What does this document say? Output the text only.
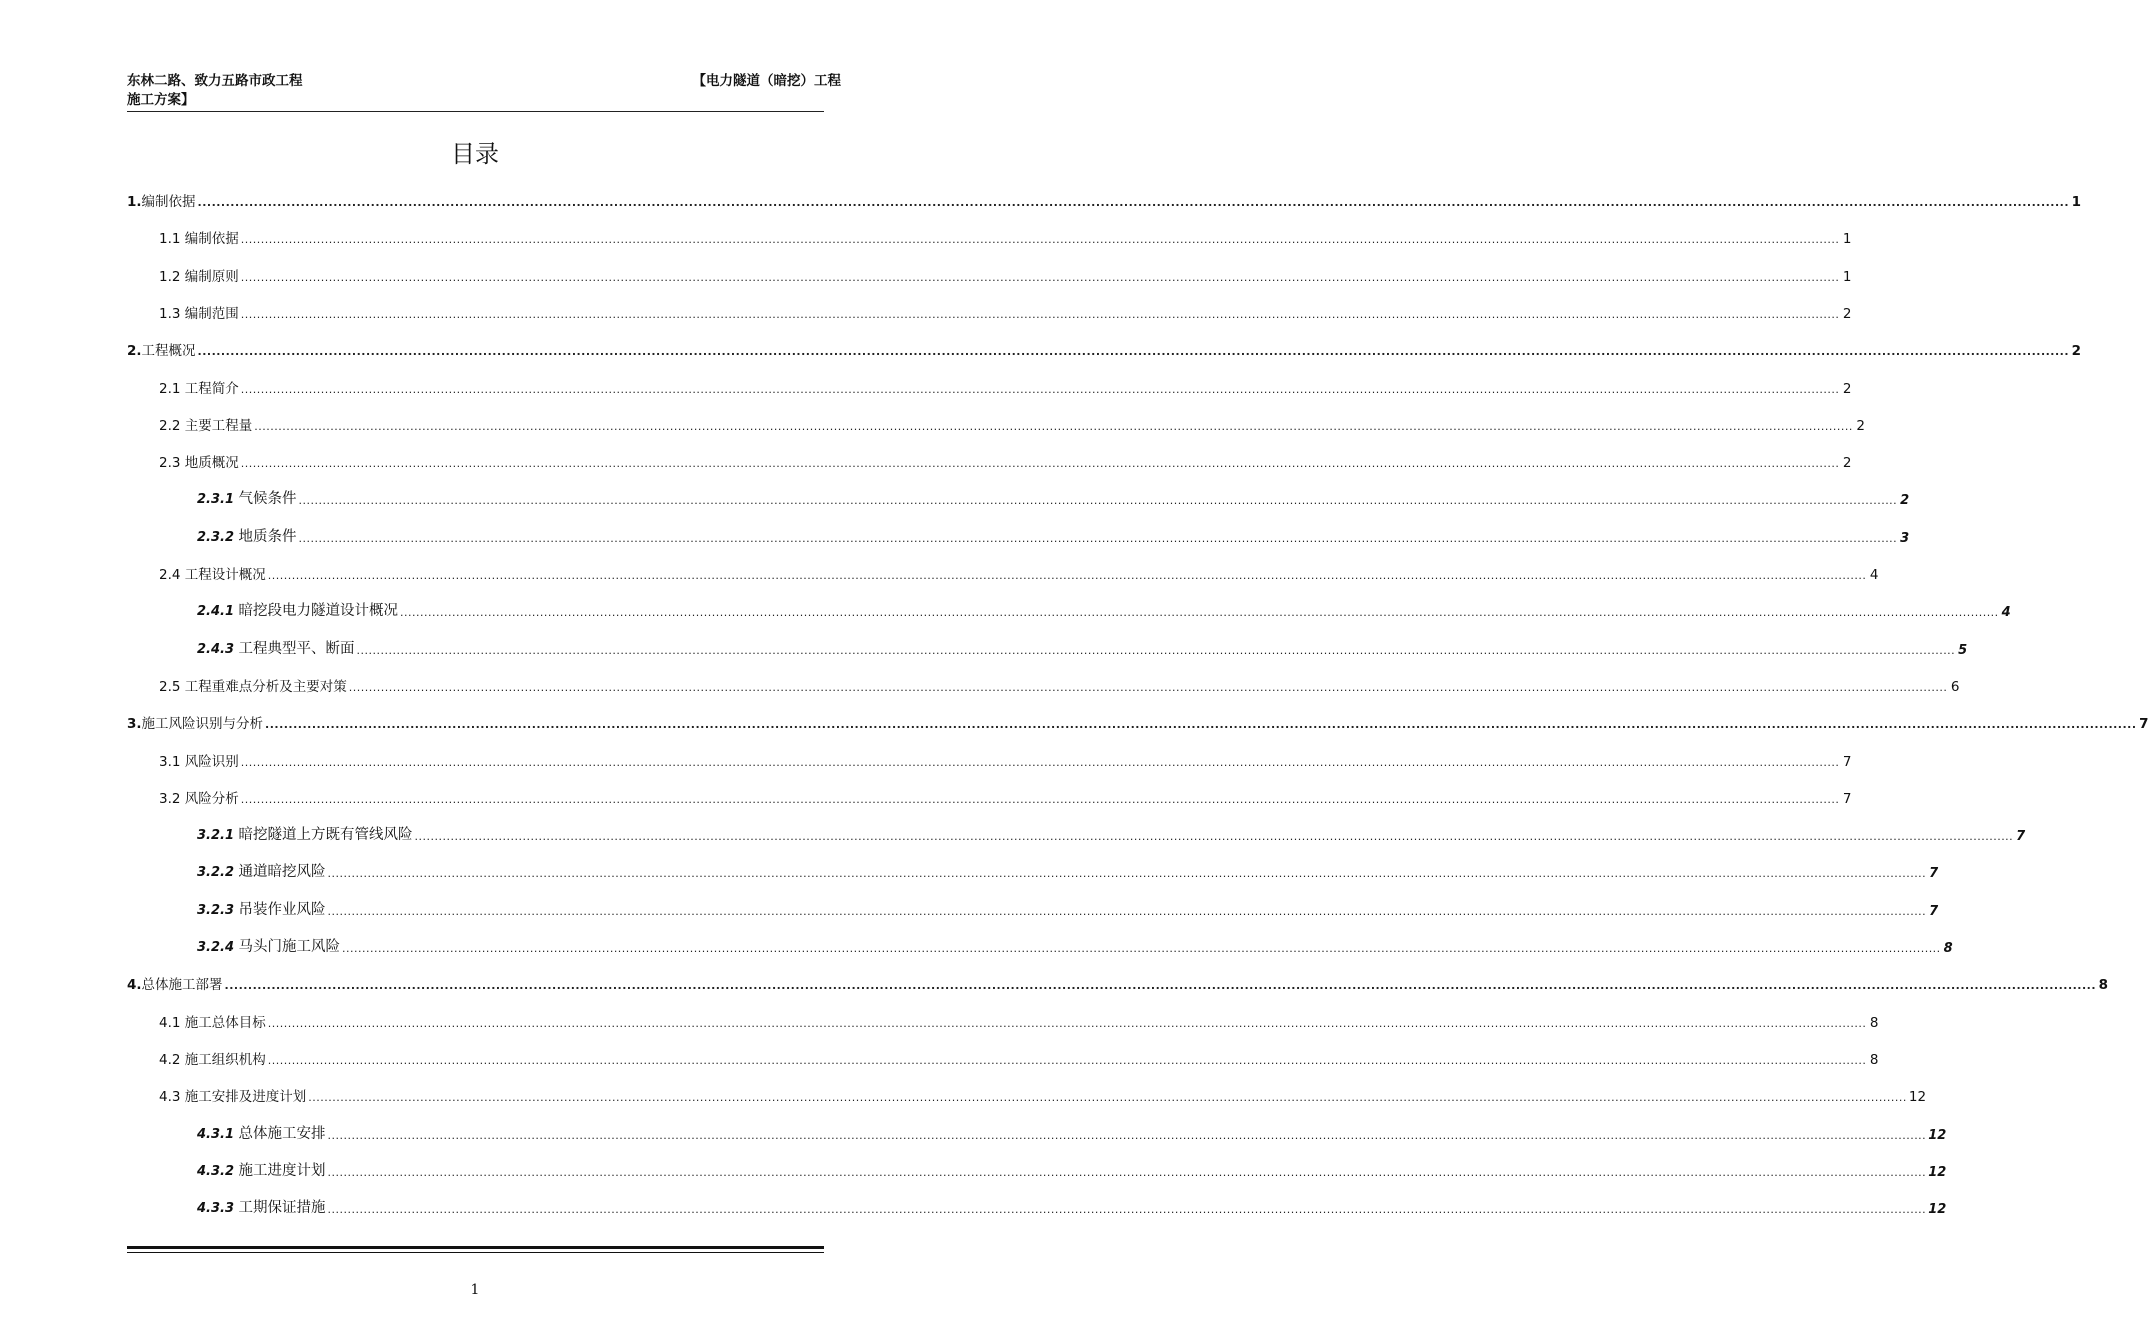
东林二路、致力五路市政工程
施工方案】
【电力隧道（暗挖）工程
目录
1.编制依据 ................................................................................................................................................................................................................................................................................................................................................................................................................ 1
1.1 编制依据 ................................................................................................................................................................................................................................................................................................................................................................................................................ 1
1.2 编制原则 ................................................................................................................................................................................................................................................................................................................................................................................................................ 1
1.3 编制范围 ................................................................................................................................................................................................................................................................................................................................................................................................................ 2
2.工程概况 ................................................................................................................................................................................................................................................................................................................................................................................................................ 2
2.1 工程简介 ................................................................................................................................................................................................................................................................................................................................................................................................................ 2
2.2 主要工程量 ................................................................................................................................................................................................................................................................................................................................................................................................................ 2
2.3 地质概况 ................................................................................................................................................................................................................................................................................................................................................................................................................ 2
2.3.1 气候条件 ................................................................................................................................................................................................................................................................................................................................................................................................................ 2
2.3.2 地质条件 ................................................................................................................................................................................................................................................................................................................................................................................................................ 3
2.4 工程设计概况 ................................................................................................................................................................................................................................................................................................................................................................................................................ 4
2.4.1 暗挖段电力隧道设计概况 ................................................................................................................................................................................................................................................................................................................................................................................................................ 4
2.4.3 工程典型平、断面 ................................................................................................................................................................................................................................................................................................................................................................................................................ 5
2.5 工程重难点分析及主要对策 ................................................................................................................................................................................................................................................................................................................................................................................................................ 6
3.施工风险识别与分析 ................................................................................................................................................................................................................................................................................................................................................................................................................ 7
3.1 风险识别 ................................................................................................................................................................................................................................................................................................................................................................................................................ 7
3.2 风险分析 ................................................................................................................................................................................................................................................................................................................................................................................................................ 7
3.2.1 暗挖隧道上方既有管线风险 ................................................................................................................................................................................................................................................................................................................................................................................................................ 7
3.2.2 通道暗挖风险 ................................................................................................................................................................................................................................................................................................................................................................................................................ 7
3.2.3 吊装作业风险 ................................................................................................................................................................................................................................................................................................................................................................................................................ 7
3.2.4 马头门施工风险 ................................................................................................................................................................................................................................................................................................................................................................................................................ 8
4.总体施工部署 ................................................................................................................................................................................................................................................................................................................................................................................................................ 8
4.1 施工总体目标 ................................................................................................................................................................................................................................................................................................................................................................................................................ 8
4.2 施工组织机构 ................................................................................................................................................................................................................................................................................................................................................................................................................ 8
4.3 施工安排及进度计划 ................................................................................................................................................................................................................................................................................................................................................................................................................ 12
4.3.1 总体施工安排 ................................................................................................................................................................................................................................................................................................................................................................................................................ 12
4.3.2 施工进度计划 ................................................................................................................................................................................................................................................................................................................................................................................................................ 12
4.3.3 工期保证措施 ................................................................................................................................................................................................................................................................................................................................................................................................................ 12
1
